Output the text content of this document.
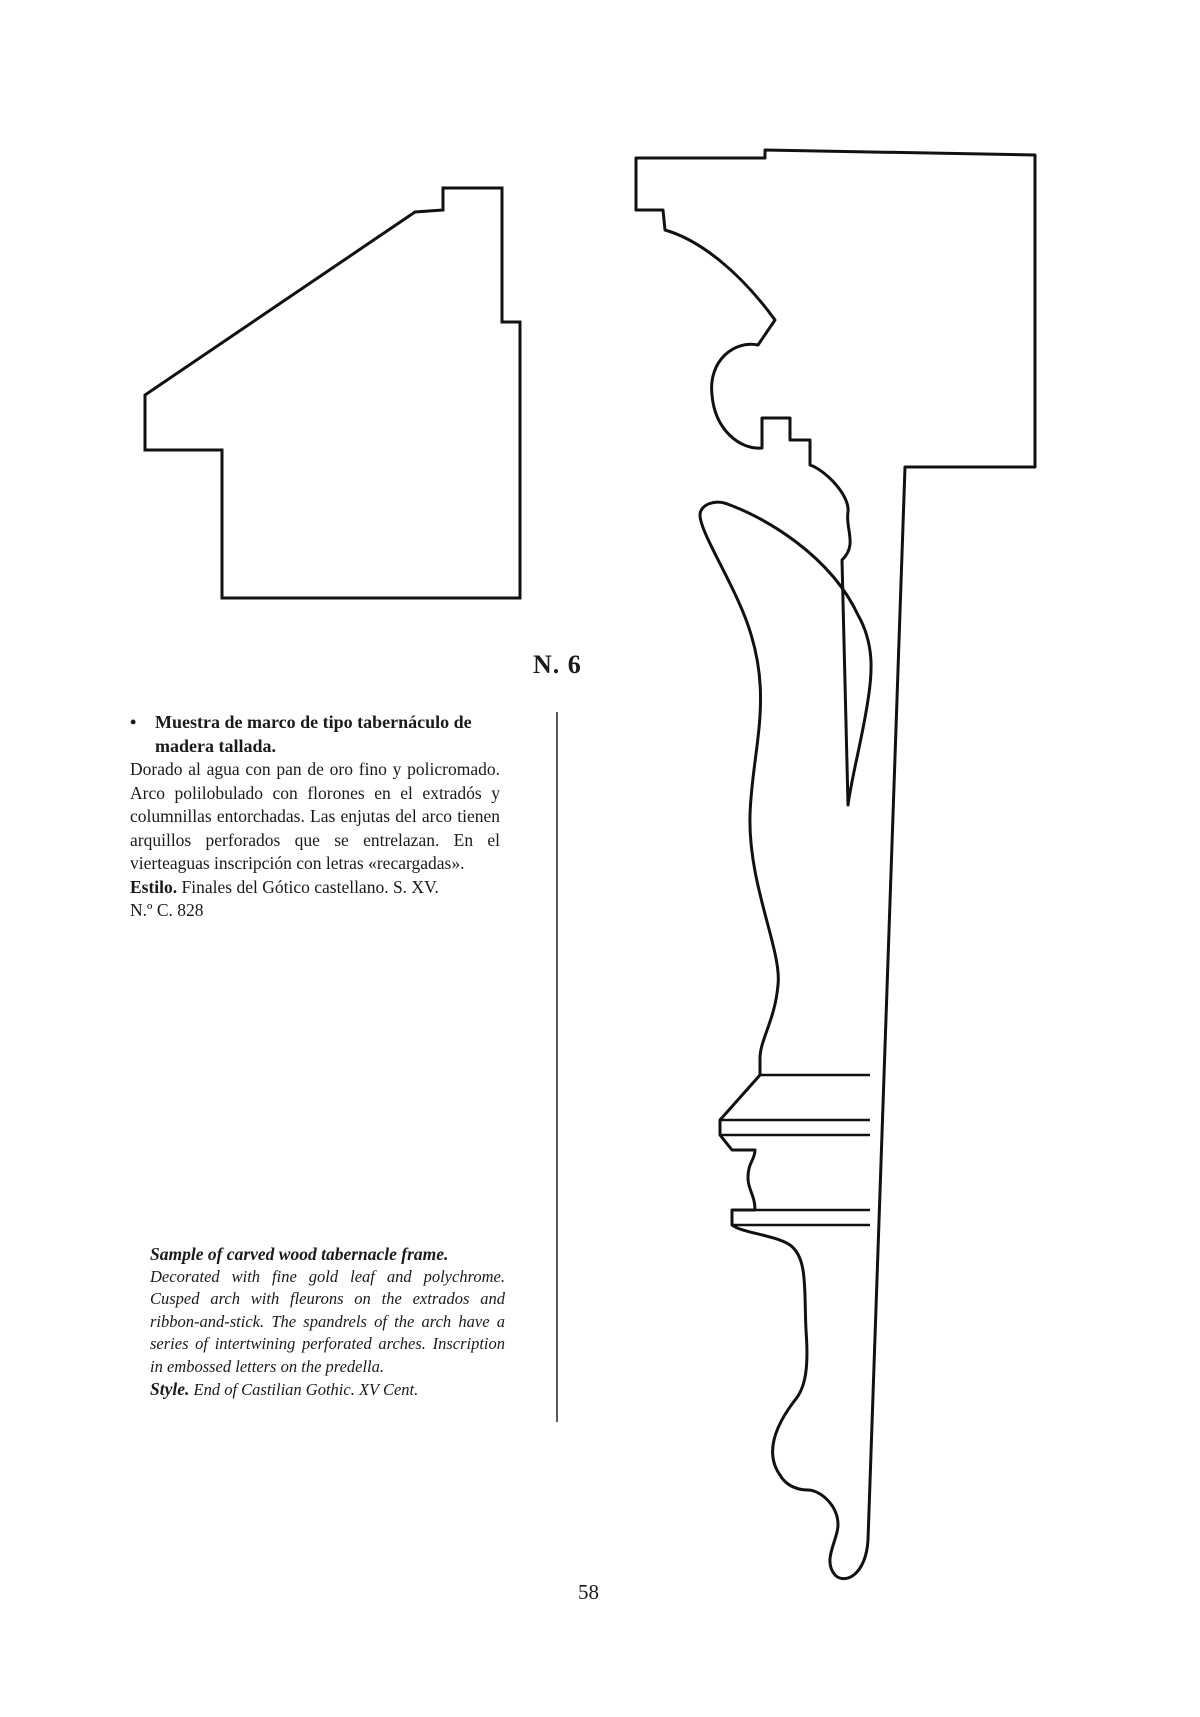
N. 6

• Muestra de marco de tipo tabernáculo de madera tallada.

Dorado al agua con pan de oro fino y policromado. Arco polilobulado con florones en el extradós y columnillas entorchadas. Las enjutas del arco tienen arquillos perforados que se entrelazan. En el vierteaguas inscripción con letras «recargadas».

Estilo. Finales del Gótico castellano. S. XV.

N.º C. 828

Sample of carved wood tabernacle frame.

Decorated with fine gold leaf and polychrome. Cusped arch with fleurons on the extrados and ribbon-and-stick. The spandrels of the arch have a series of intertwining perforated arches. Inscription in embossed letters on the predella.

Style. End of Castilian Gothic. XV Cent.

58
